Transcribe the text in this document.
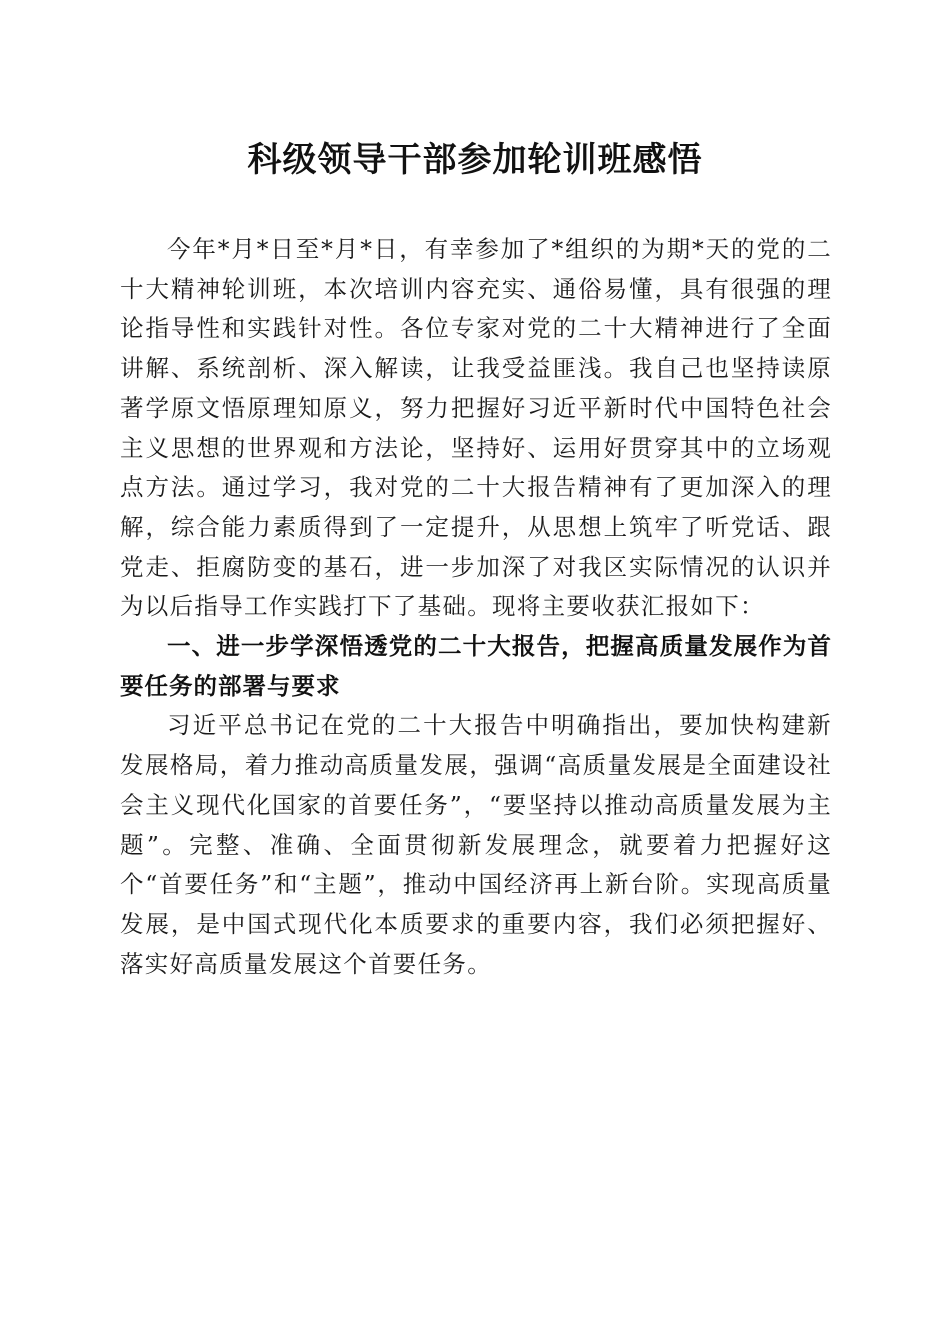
科级领导干部参加轮训班感悟

今年*月*日至*月*日，有幸参加了*组织的为期*天的党的二十大精神轮训班，本次培训内容充实、通俗易懂，具有很强的理论指导性和实践针对性。各位专家对党的二十大精神进行了全面讲解、系统剖析、深入解读，让我受益匪浅。我自己也坚持读原著学原文悟原理知原义，努力把握好习近平新时代中国特色社会主义思想的世界观和方法论，坚持好、运用好贯穿其中的立场观点方法。通过学习，我对党的二十大报告精神有了更加深入的理解，综合能力素质得到了一定提升，从思想上筑牢了听党话、跟党走、拒腐防变的基石，进一步加深了对我区实际情况的认识并为以后指导工作实践打下了基础。现将主要收获汇报如下：

一、进一步学深悟透党的二十大报告，把握高质量发展作为首要任务的部署与要求

习近平总书记在党的二十大报告中明确指出，要加快构建新发展格局，着力推动高质量发展，强调“高质量发展是全面建设社会主义现代化国家的首要任务”，“要坚持以推动高质量发展为主题”。完整、准确、全面贯彻新发展理念，就要着力把握好这个“首要任务”和“主题”，推动中国经济再上新台阶。实现高质量发展，是中国式现代化本质要求的重要内容，我们必须把握好、落实好高质量发展这个首要任务。
